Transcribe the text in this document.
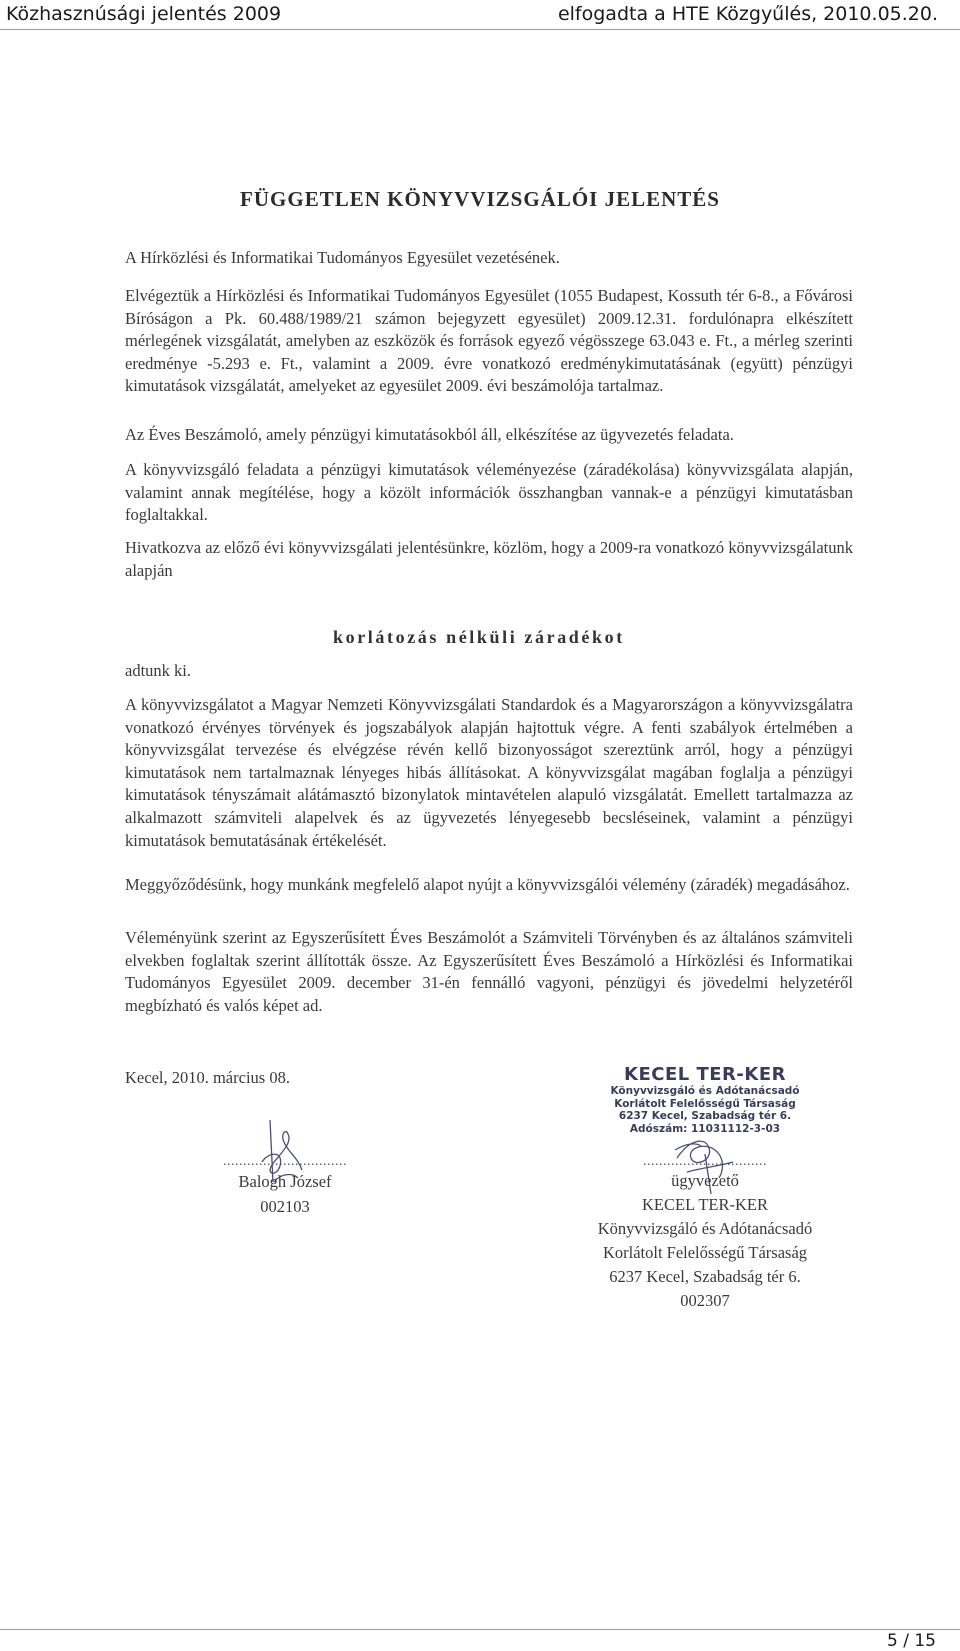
Közhasznúsági jelentés 2009	elfogadta a HTE Közgyűlés, 2010.05.20.
FÜGGETLEN KÖNYVVIZSGÁLÓI JELENTÉS
A Hírközlési és Informatikai Tudományos Egyesület vezetésének.
Elvégeztük a Hírközlési és Informatikai Tudományos Egyesület (1055 Budapest, Kossuth tér 6-8., a Fővárosi Bíróságon a Pk. 60.488/1989/21 számon bejegyzett egyesület) 2009.12.31. fordulónapra elkészített mérlegének vizsgálatát, amelyben az eszközök és források egyező végösszege 63.043 e. Ft., a mérleg szerinti eredménye -5.293 e. Ft., valamint a 2009. évre vonatkozó eredménykimutatásának (együtt) pénzügyi kimutatások vizsgálatát, amelyeket az egyesület 2009. évi beszámolója tartalmaz.
Az Éves Beszámoló, amely pénzügyi kimutatásokból áll, elkészítése az ügyvezetés feladata.
A könyvvizsgáló feladata a pénzügyi kimutatások véleményezése (záradékolása) könyvvizsgálata alapján, valamint annak megítélése, hogy a közölt információk összhangban vannak-e a pénzügyi kimutatásban foglaltakkal.
Hivatkozva az előző évi könyvvizsgálati jelentésünkre, közlöm, hogy a 2009-ra vonatkozó könyvvizsgálatunk alapján
korlátozás nélküli záradékot
adtunk ki.
A könyvvizsgálatot a Magyar Nemzeti Könyvvizsgálati Standardok és a Magyarországon a könyvvizsgálatra vonatkozó érvényes törvények és jogszabályok alapján hajtottuk végre. A fenti szabályok értelmében a könyvvizsgálat tervezése és elvégzése révén kellő bizonyosságot szereztünk arról, hogy a pénzügyi kimutatások nem tartalmaznak lényeges hibás állításokat. A könyvvizsgálat magában foglalja a pénzügyi kimutatások tényszámait alátámasztó bizonylatok mintavételen alapuló vizsgálatát. Emellett tartalmazza az alkalmazott számviteli alapelvek és az ügyvezetés lényegesebb becsléseinek, valamint a pénzügyi kimutatások bemutatásának értékelését.
Meggyőződésünk, hogy munkánk megfelelő alapot nyújt a könyvvizsgálói vélemény (záradék) megadásához.
Véleményünk szerint az Egyszerűsített Éves Beszámolót a Számviteli Törvényben és az általános számviteli elvekben foglaltak szerint állították össze. Az Egyszerűsített Éves Beszámoló a Hírközlési és Informatikai Tudományos Egyesület 2009. december 31-én fennálló vagyoni, pénzügyi és jövedelmi helyzetéről megbízható és valós képet ad.
Kecel, 2010. március 08.	KECEL TER-KER
Könyvvizsgáló és Adótanácsadó
Korlátolt Felelősségű Társaság
6237 Kecel, Szabadság tér 6.
Adószám: 11031112-3-03
...............................
Balogh József
002103
...............................
ügyvezető
KECEL TER-KER
Könyvvizsgáló és Adótanácsadó
Korlátolt Felelősségű Társaság
6237 Kecel, Szabadság tér 6.
002307
5 / 15
